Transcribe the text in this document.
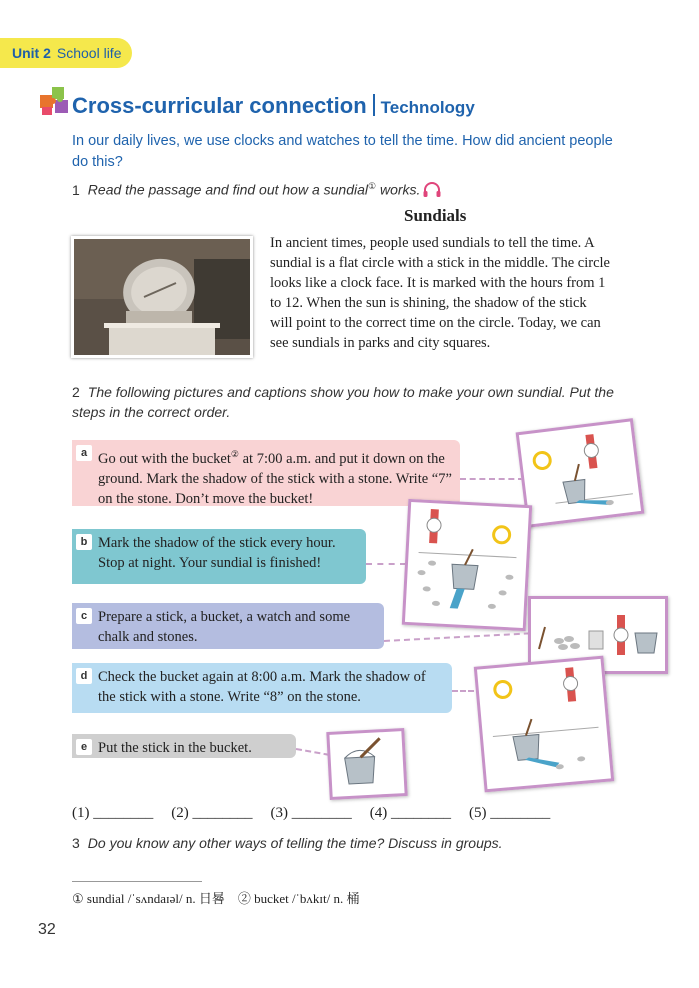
Unit 2 School life
Cross-curricular connection Technology
In our daily lives, we use clocks and watches to tell the time. How did ancient people do this?
1 Read the passage and find out how a sundial① works.
Sundials
In ancient times, people used sundials to tell the time. A sundial is a flat circle with a stick in the middle. The circle looks like a clock face. It is marked with the hours from 1 to 12. When the sun is shining, the shadow of the stick will point to the correct time on the circle. Today, we can see sundials in parks and city squares.
2 The following pictures and captions show you how to make your own sundial. Put the steps in the correct order.
a Go out with the bucket② at 7:00 a.m. and put it down on the ground. Mark the shadow of the stick with a stone. Write “7” on the stone. Don’t move the bucket!
b Mark the shadow of the stick every hour. Stop at night. Your sundial is finished!
c Prepare a stick, a bucket, a watch and some chalk and stones.
d Check the bucket again at 8:00 a.m. Mark the shadow of the stick with a stone. Write “8” on the stone.
e Put the stick in the bucket.
(1) ________ (2) ________ (3) ________ (4) ________ (5) ________
3 Do you know any other ways of telling the time? Discuss in groups.
① sundial /ˈsʌndaɪəl/ n. 日晷 ② bucket /ˈbʌkɪt/ n. 桶
32
